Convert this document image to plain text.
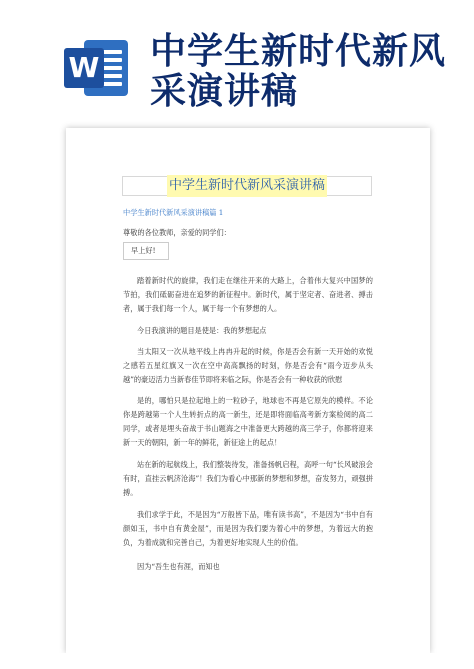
W 中学生新时代新风
采演讲稿
中学生新时代新风采演讲稿
中学生新时代新风采演讲稿篇 1
尊敬的各位教师，亲爱的同学们：
早上好!

踏着新时代的旋律，我们走在继往开来的大路上，合着伟大复兴中国梦的节拍，我们砥砺奋进在追梦的新征程中。新时代，属于坚定者、奋进者、搏击者，属于我们每一个人，属于每一个有梦想的人。

今日我演讲的题目是使是：我的梦想起点

当太阳又一次从地平线上冉冉升起的时候，你是否会有新一天开始的欢悦之感若五星红旗又一次在空中高高飘扬的时刻，你是否会有“雨今迈步从头越”的豪迈活力当新春佳节即将来临之际，你是否会有一种收获的欣慰

是的，哪怕只是拉起地上的一粒砂子，地球也不再是它原先的模样。不论你是跨越第一个人生转折点的高一新生，还是即将面临高考新方案检阅的高二同学，或者是埋头奋战于书山题海之中准备更大跨越的高三学子，你都将迎来新一天的朝阳，新一年的鲜花，新征途上的起点！

站在新的起航线上，我们整装待发，准备扬帆启程，高呼一句“长风破浪会有时，直挂云帆济沧海”！我们为看心中那新的梦想和梦想，奋发努力，顽强拼搏。

我们求学于此，不是因为“万般皆下品，唯有读书高”，不是因为“书中自有颜如玉，书中自有黄金屋”，而是因为我们要为着心中的梦想，为着远大的抱负，为着成就和完善自己，为着更好地实现人生的价值。

因为“吾生也有涯，而知也
